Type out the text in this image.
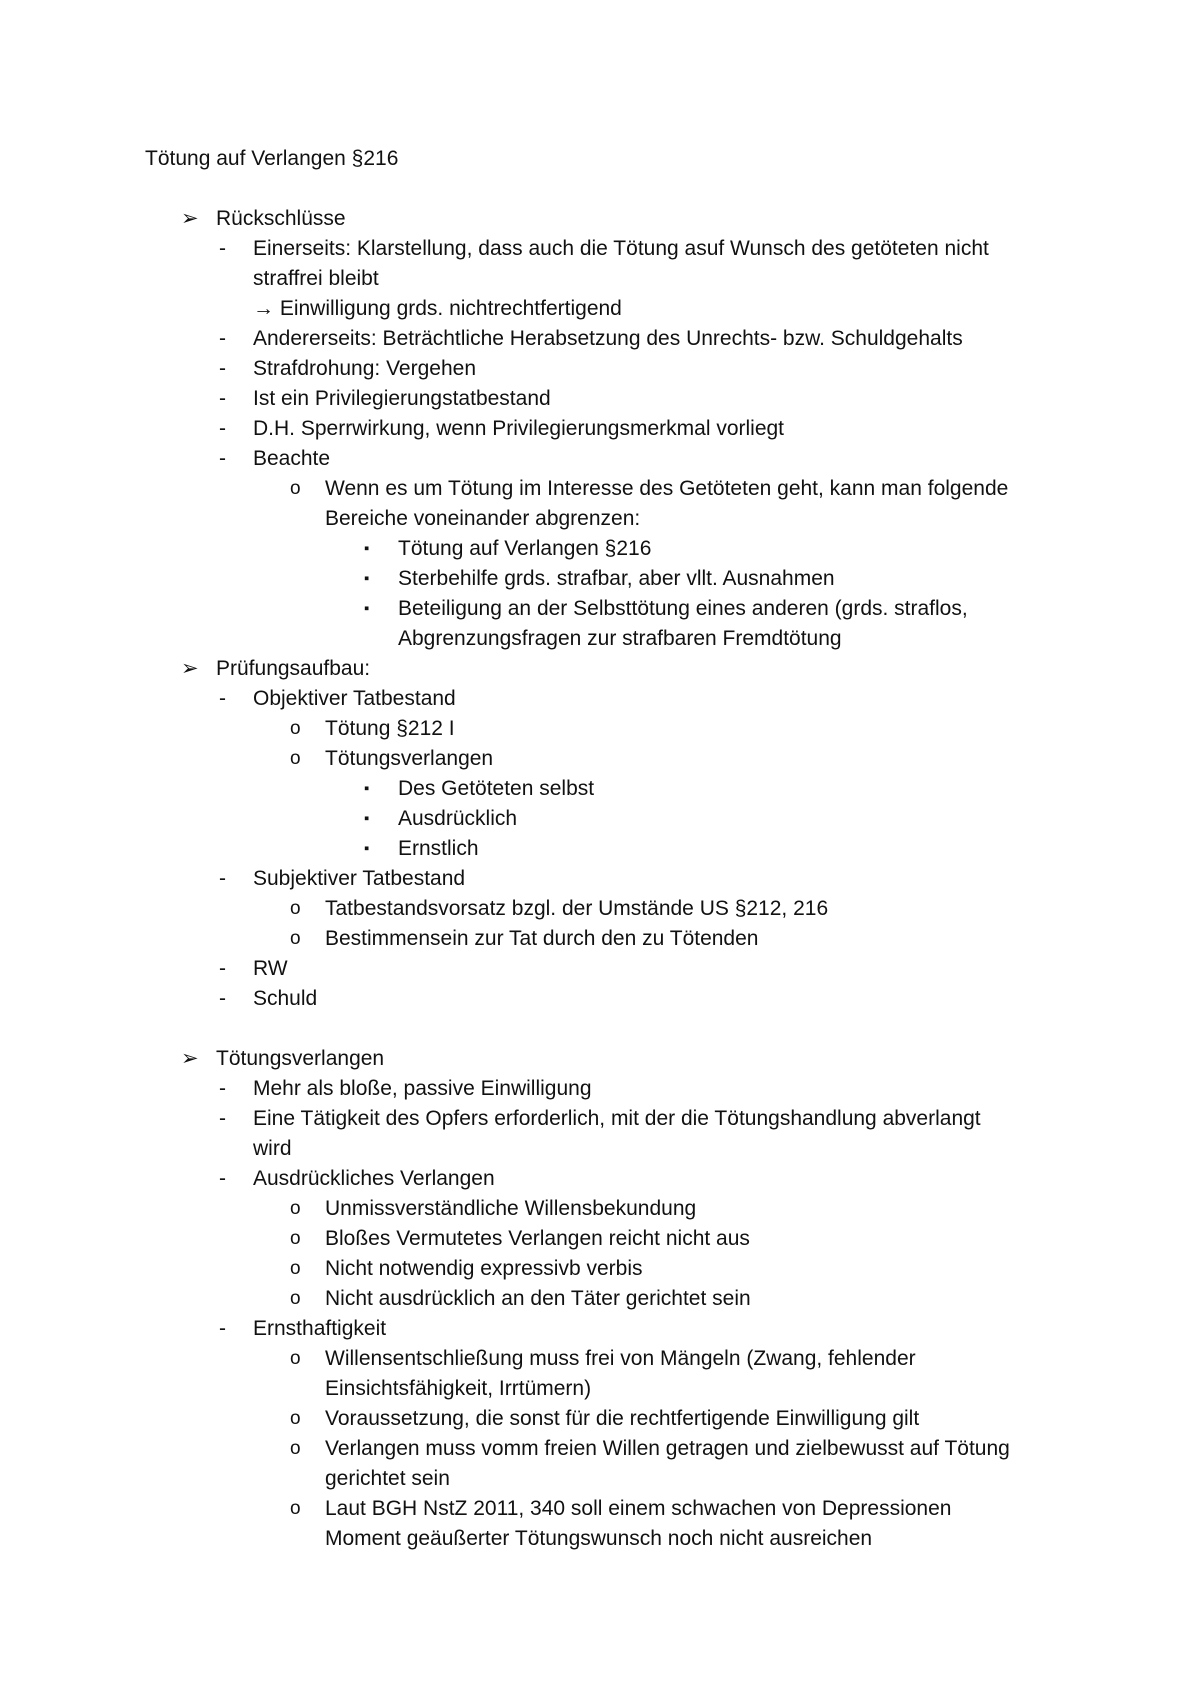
Tötung auf Verlangen §216
➢ Rückschlüsse
- Einerseits: Klarstellung, dass auch die Tötung asuf Wunsch des getöteten nicht
straffrei bleibt
→ Einwilligung grds. nichtrechtfertigend
- Andererseits: Beträchtliche Herabsetzung des Unrechts- bzw. Schuldgehalts
- Strafdrohung: Vergehen
- Ist ein Privilegierungstatbestand
- D.H. Sperrwirkung, wenn Privilegierungsmerkmal vorliegt
- Beachte
o Wenn es um Tötung im Interesse des Getöteten geht, kann man folgende
Bereiche voneinander abgrenzen:
▪ Tötung auf Verlangen §216
▪ Sterbehilfe grds. strafbar, aber vllt. Ausnahmen
▪ Beteiligung an der Selbsttötung eines anderen (grds. straflos,
Abgrenzungsfragen zur strafbaren Fremdtötung
➢ Prüfungsaufbau:
- Objektiver Tatbestand
o Tötung §212 I
o Tötungsverlangen
▪ Des Getöteten selbst
▪ Ausdrücklich
▪ Ernstlich
- Subjektiver Tatbestand
o Tatbestandsvorsatz bzgl. der Umstände US §212, 216
o Bestimmensein zur Tat durch den zu Tötenden
- RW
- Schuld
➢ Tötungsverlangen
- Mehr als bloße, passive Einwilligung
- Eine Tätigkeit des Opfers erforderlich, mit der die Tötungshandlung abverlangt
wird
- Ausdrückliches Verlangen
o Unmissverständliche Willensbekundung
o Bloßes Vermutetes Verlangen reicht nicht aus
o Nicht notwendig expressivb verbis
o Nicht ausdrücklich an den Täter gerichtet sein
- Ernsthaftigkeit
o Willensentschließung muss frei von Mängeln (Zwang, fehlender
Einsichtsfähigkeit, Irrtümern)
o Voraussetzung, die sonst für die rechtfertigende Einwilligung gilt
o Verlangen muss vomm freien Willen getragen und zielbewusst auf Tötung
gerichtet sein
o Laut BGH NstZ 2011, 340 soll einem schwachen von Depressionen
Moment geäußerter Tötungswunsch noch nicht ausreichen
